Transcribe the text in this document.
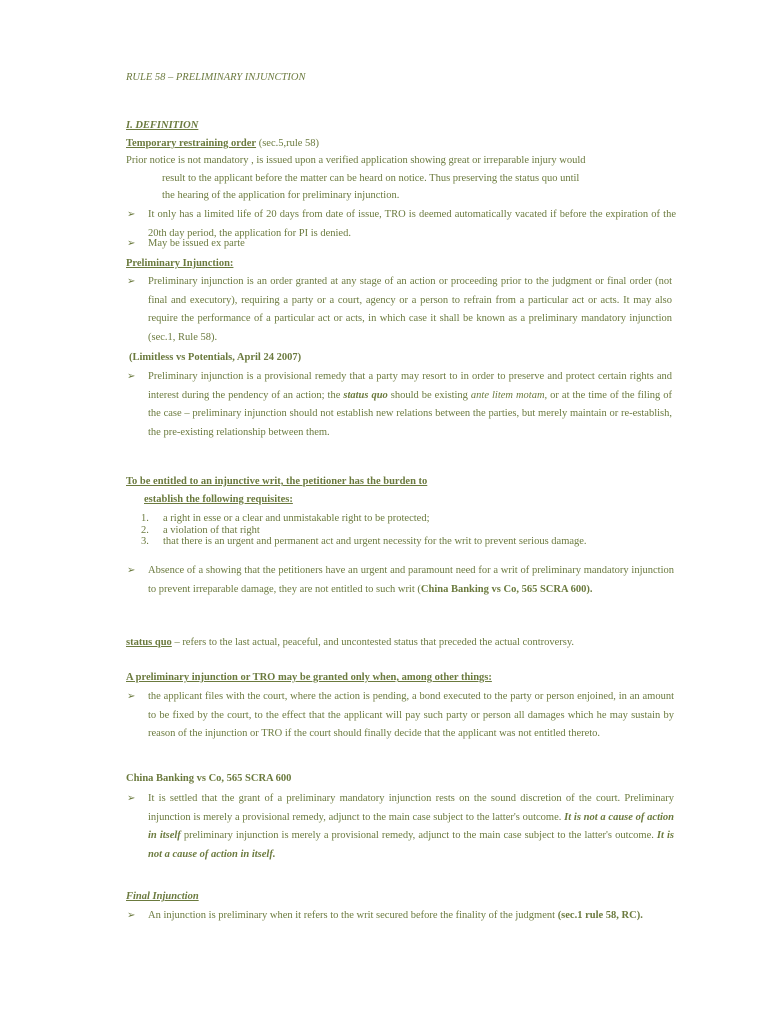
RULE 58 – PRELIMINARY INJUNCTION
I. DEFINITION
Temporary restraining order (sec.5,rule 58)
Prior notice is not mandatory , is issued upon a verified application showing great or irreparable injury would
result to the applicant before the matter can be heard on notice. Thus preserving the status quo until
the hearing of the application for preliminary injunction.
➢ It only has a limited life of 20 days from date of issue, TRO is deemed automatically vacated if before the expiration of the 20th day period, the application for PI is denied.
➢ May be issued ex parte
Preliminary Injunction:
➢ Preliminary injunction is an order granted at any stage of an action or proceeding prior to the judgment or final order (not final and executory), requiring a party or a court, agency or a person to refrain from a particular act or acts. It may also require the performance of a particular act or acts, in which case it shall be known as a preliminary mandatory injunction (sec.1, Rule 58).
(Limitless vs Potentials, April 24 2007)
➢ Preliminary injunction is a provisional remedy that a party may resort to in order to preserve and protect certain rights and interest during the pendency of an action; the status quo should be existing ante litem motam, or at the time of the filing of the case – preliminary injunction should not establish new relations between the parties, but merely maintain or re-establish, the pre-existing relationship between them.
To be entitled to an injunctive writ, the petitioner has the burden to
establish the following requisites:
1. a right in esse or a clear and unmistakable right to be protected;
2. a violation of that right
3. that there is an urgent and permanent act and urgent necessity for the writ to prevent serious damage.
➢ Absence of a showing that the petitioners have an urgent and paramount need for a writ of preliminary mandatory injunction to prevent irreparable damage, they are not entitled to such writ (China Banking vs Co, 565 SCRA 600).
status quo – refers to the last actual, peaceful, and uncontested status that preceded the actual controversy.
A preliminary injunction or TRO may be granted only when, among other things:
➢ the applicant files with the court, where the action is pending, a bond executed to the party or person enjoined, in an amount to be fixed by the court, to the effect that the applicant will pay such party or person all damages which he may sustain by reason of the injunction or TRO if the court should finally decide that the applicant was not entitled thereto.
China Banking vs Co, 565 SCRA 600
➢ It is settled that the grant of a preliminary mandatory injunction rests on the sound discretion of the court. Preliminary injunction is merely a provisional remedy, adjunct to the main case subject to the latter's outcome. It is not a cause of action in itself preliminary injunction is merely a provisional remedy, adjunct to the main case subject to the latter's outcome. It is not a cause of action in itself.
Final Injunction
➢ An injunction is preliminary when it refers to the writ secured before the finality of the judgment (sec.1 rule 58, RC).
